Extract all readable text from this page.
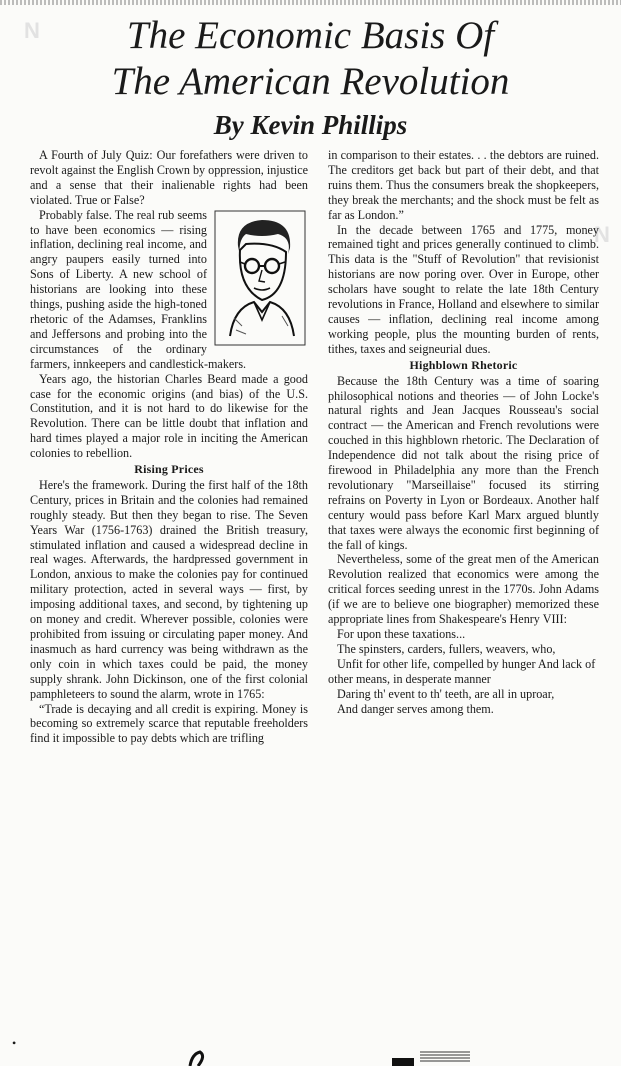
N
N
The Economic Basis Of
The American Revolution
By Kevin Phillips

A Fourth of July Quiz: Our forefathers were driven to revolt against the English Crown by oppression, injustice and a sense that their inalienable rights had been violated. True or False?

Probably false. The real rub seems to have been economics — rising inflation, declining real income, and angry paupers easily turned into Sons of Liberty. A new school of historians are looking into these things, pushing aside the high-toned rhetoric of the Adamses, Franklins and Jeffersons and probing into the circumstances of the ordinary farmers, innkeepers and candlestick-makers.

Years ago, the historian Charles Beard made a good case for the economic origins (and bias) of the U.S. Constitution, and it is not hard to do likewise for the Revolution. There can be little doubt that inflation and hard times played a major role in inciting the American colonies to rebellion.

Rising Prices

Here's the framework. During the first half of the 18th Century, prices in Britain and the colonies had remained roughly steady. But then they began to rise. The Seven Years War (1756-1763) drained the British treasury, stimulated inflation and caused a widespread decline in real wages. Afterwards, the hardpressed government in London, anxious to make the colonies pay for continued military protection, acted in several ways — first, by imposing additional taxes, and second, by tightening up on money and credit. Wherever possible, colonies were prohibited from issuing or circulating paper money. And inasmuch as hard currency was being withdrawn as the only coin in which taxes could be paid, the money supply shrank. John Dickinson, one of the first colonial pamphleteers to sound the alarm, wrote in 1765:

“Trade is decaying and all credit is expiring. Money is becoming so extremely scarce that reputable freeholders find it impossible to pay debts which are trifling

in comparison to their estates. . . the debtors are ruined. The creditors get back but part of their debt, and that ruins them. Thus the consumers break the shopkeepers, they break the merchants; and the shock must be felt as far as London.”

In the decade between 1765 and 1775, money remained tight and prices generally continued to climb. This data is the "Stuff of Revolution" that revisionist historians are now poring over. Over in Europe, other scholars have sought to relate the late 18th Century revolutions in France, Holland and elsewhere to similar causes — inflation, declining real income among working people, plus the mounting burden of rents, tithes, taxes and seigneurial dues.

Highblown Rhetoric

Because the 18th Century was a time of soaring philosophical notions and theories — of John Locke's natural rights and Jean Jacques Rousseau's social contract — the American and French revolutions were couched in this highblown rhetoric. The Declaration of Independence did not talk about the rising price of firewood in Philadelphia any more than the French revolutionary "Marseillaise" focused its stirring refrains on Poverty in Lyon or Bordeaux. Another half century would pass before Karl Marx argued bluntly that taxes were always the economic first beginning of the fall of kings.

Nevertheless, some of the great men of the American Revolution realized that economics were among the critical forces seeding unrest in the 1770s. John Adams (if we are to believe one biographer) memorized these appropriate lines from Shakespeare's Henry VIII:

For upon these taxations...

The spinsters, carders, fullers, weavers, who,

Unfit for other life, compelled by hunger And lack of other means, in desperate manner

Daring th' event to th' teeth, are all in uproar,

And danger serves among them.

•
